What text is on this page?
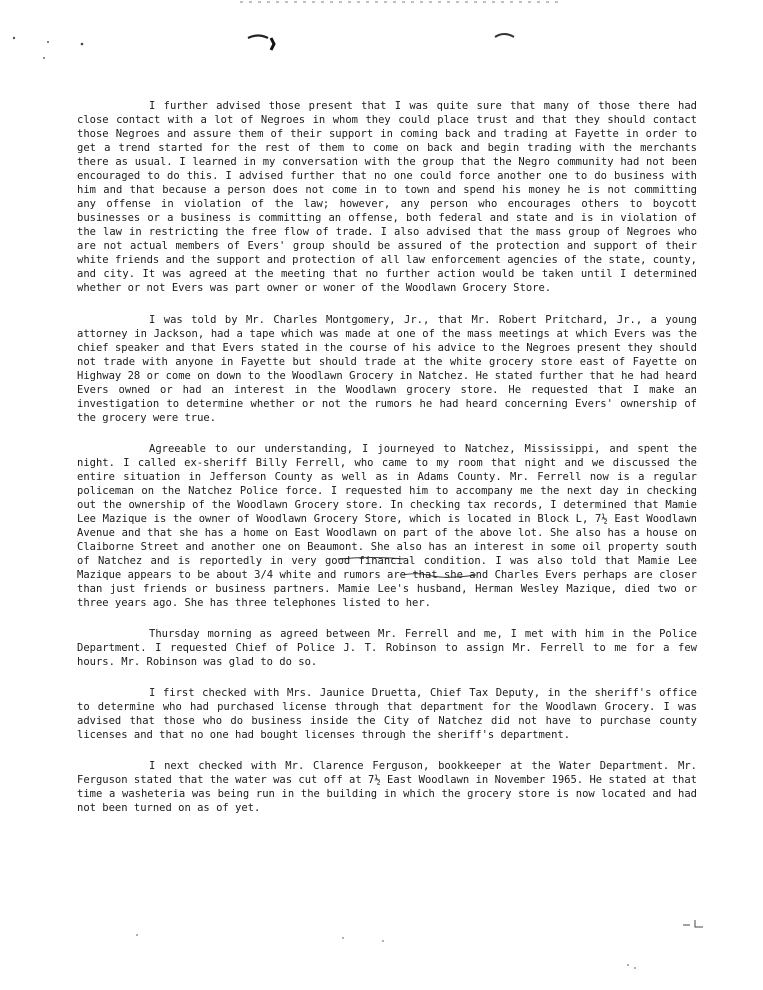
I further advised those present that I was quite sure that many of those there had close contact with a lot of Negroes in whom they could place trust and that they should contact those Negroes and assure them of their support in coming back and trading at Fayette in order to get a trend started for the rest of them to come on back and begin trading with the merchants there as usual. I learned in my conversation with the group that the Negro community had not been encouraged to do this. I advised further that no one could force another one to do business with him and that because a person does not come in to town and spend his money he is not committing any offense in violation of the law; however, any person who encourages others to boycott businesses or a business is committing an offense, both federal and state and is in violation of the law in restricting the free flow of trade. I also advised that the mass group of Negroes who are not actual members of Evers' group should be assured of the protection and support of their white friends and the support and protection of all law enforcement agencies of the state, county, and city. It was agreed at the meeting that no further action would be taken until I determined whether or not Evers was part owner or woner of the Woodlawn Grocery Store.

I was told by Mr. Charles Montgomery, Jr., that Mr. Robert Pritchard, Jr., a young attorney in Jackson, had a tape which was made at one of the mass meetings at which Evers was the chief speaker and that Evers stated in the course of his advice to the Negroes present they should not trade with anyone in Fayette but should trade at the white grocery store east of Fayette on Highway 28 or come on down to the Woodlawn Grocery in Natchez. He stated further that he had heard Evers owned or had an interest in the Woodlawn grocery store. He requested that I make an investigation to determine whether or not the rumors he had heard concerning Evers' ownership of the grocery were true.

Agreeable to our understanding, I journeyed to Natchez, Mississippi, and spent the night. I called ex-sheriff Billy Ferrell, who came to my room that night and we discussed the entire situation in Jefferson County as well as in Adams County. Mr. Ferrell now is a regular policeman on the Natchez Police force. I requested him to accompany me the next day in checking out the ownership of the Woodlawn Grocery store. In checking tax records, I determined that Mamie Lee Mazique is the owner of Woodlawn Grocery Store, which is located in Block L, 7½ East Woodlawn Avenue and that she has a home on East Woodlawn on part of the above lot. She also has a house on Claiborne Street and another one on Beaumont. She also has an interest in some oil property south of Natchez and is reportedly in very good financial condition. I was also told that Mamie Lee Mazique appears to be about 3/4 white and rumors are that she and Charles Evers perhaps are closer than just friends or business partners. Mamie Lee's husband, Herman Wesley Mazique, died two or three years ago. She has three telephones listed to her.

Thursday morning as agreed between Mr. Ferrell and me, I met with him in the Police Department. I requested Chief of Police J. T. Robinson to assign Mr. Ferrell to me for a few hours. Mr. Robinson was glad to do so.

I first checked with Mrs. Jaunice Druetta, Chief Tax Deputy, in the sheriff's office to determine who had purchased license through that department for the Woodlawn Grocery. I was advised that those who do business inside the City of Natchez did not have to purchase county licenses and that no one had bought licenses through the sheriff's department.

I next checked with Mr. Clarence Ferguson, bookkeeper at the Water Department. Mr. Ferguson stated that the water was cut off at 7½ East Woodlawn in November 1965. He stated at that time a washeteria was being run in the building in which the grocery store is now located and had not been turned on as of yet.
